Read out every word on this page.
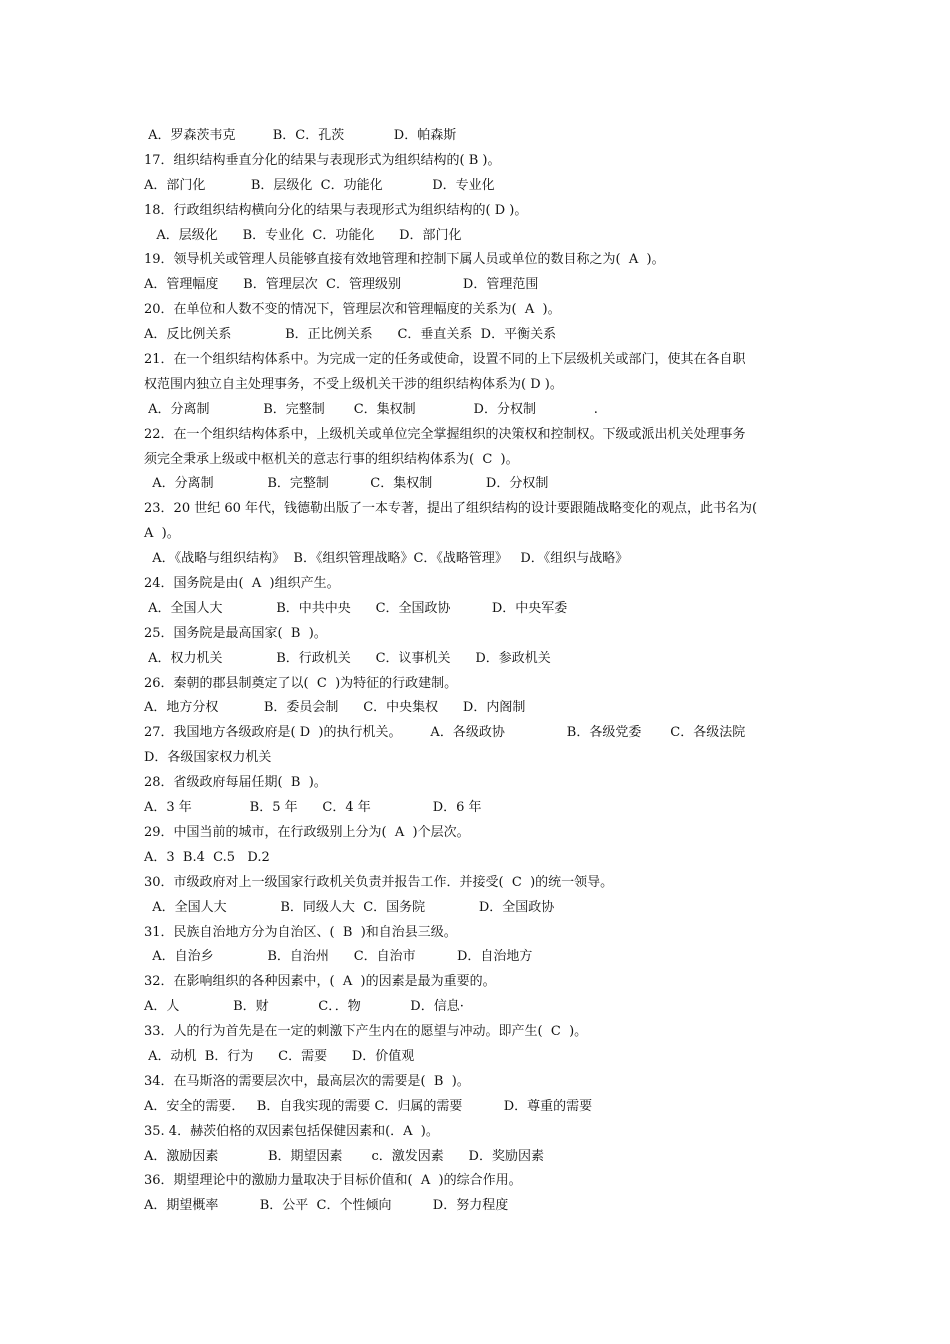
A．罗森茨韦克         B．C．孔茨            D．帕森斯
17．组织结构垂直分化的结果与表现形式为组织结构的( B )。
A．部门化           B．层级化  C．功能化            D．专业化
18．行政组织结构横向分化的结果与表现形式为组织结构的( D )。
A．层级化      B．专业化  C．功能化      D．部门化
19．领导机关或管理人员能够直接有效地管理和控制下属人员或单位的数目称之为(  A  )。
A．管理幅度      B．管理层次  C．管理级别               D．管理范围
20．在单位和人数不变的情况下，管理层次和管理幅度的关系为(  A  )。
A．反比例关系             B．正比例关系      C．垂直关系  D．平衡关系
21．在一个组织结构体系中。为完成一定的任务或使命，设置不同的上下层级机关或部门，使其在各自职
权范围内独立自主处理事务，不受上级机关干涉的组织结构体系为( D )。
A．分离制             B．完整制       C．集权制              D．分权制              .
22．在一个组织结构体系中，上级机关或单位完全掌握组织的决策权和控制权。下级或派出机关处理事务
须完全秉承上级或中枢机关的意志行事的组织结构体系为(  C  )。
A．分离制             B．完整制          C．集权制             D．分权制
23．20 世纪 60 年代，钱德勒出版了一本专著，提出了组织结构的设计要跟随战略变化的观点，此书名为(
A  )。
A．《战略与组织结构》  B．《组织管理战略》C．《战略管理》   D．《组织与战略》
24．国务院是由(  A  )组织产生。
A．全国人大             B．中共中央      C．全国政协          D．中央军委
25．国务院是最高国家(  B  )。
A．权力机关             B．行政机关      C．议事机关      D．参政机关
26．秦朝的郡县制奠定了以(  C  )为特征的行政建制。
A．地方分权           B．委员会制      C．中央集权      D．内阁制
27．我国地方各级政府是( D  )的执行机关。       A．各级政协               B．各级党委       C．各级法院
D．各级国家权力机关
28．省级政府每届任期(  B  )。
A．3 年              B．5 年      C．4 年               D．6 年
29．中国当前的城市，在行政级别上分为(  A  )个层次。
A．3  B.4  C.5   D.2
30．市级政府对上一级国家行政机关负责并报告工作．并接受(  C  )的统一领导。
A．全国人大             B．同级人大  C．国务院             D．全国政协
31．民族自治地方分为自治区、(  B  )和自治县三级。
A．自治乡             B．自治州      C．自治市          D．自治地方
32．在影响组织的各种因素中，(  A  )的因素是最为重要的。
A．人             B．财            C．．物            D．信息·
33．人的行为首先是在一定的刺激下产生内在的愿望与冲动。即产生(  C  )。
A．动机  B．行为      C．需要      D．价值观
34．在马斯洛的需要层次中，最高层次的需要是(  B  )。
A．安全的需要．   B．自我实现的需要 C．归属的需要          D．尊重的需要
35. 4．赫茨伯格的双因素包括保健因素和(．A  )。
A．激励因素            B．期望因素       c．激发因素      D．奖励因素
36．期望理论中的激励力量取决于目标价值和(  A  )的综合作用。
A．期望概率          B．公平  C．个性倾向          D．努力程度
